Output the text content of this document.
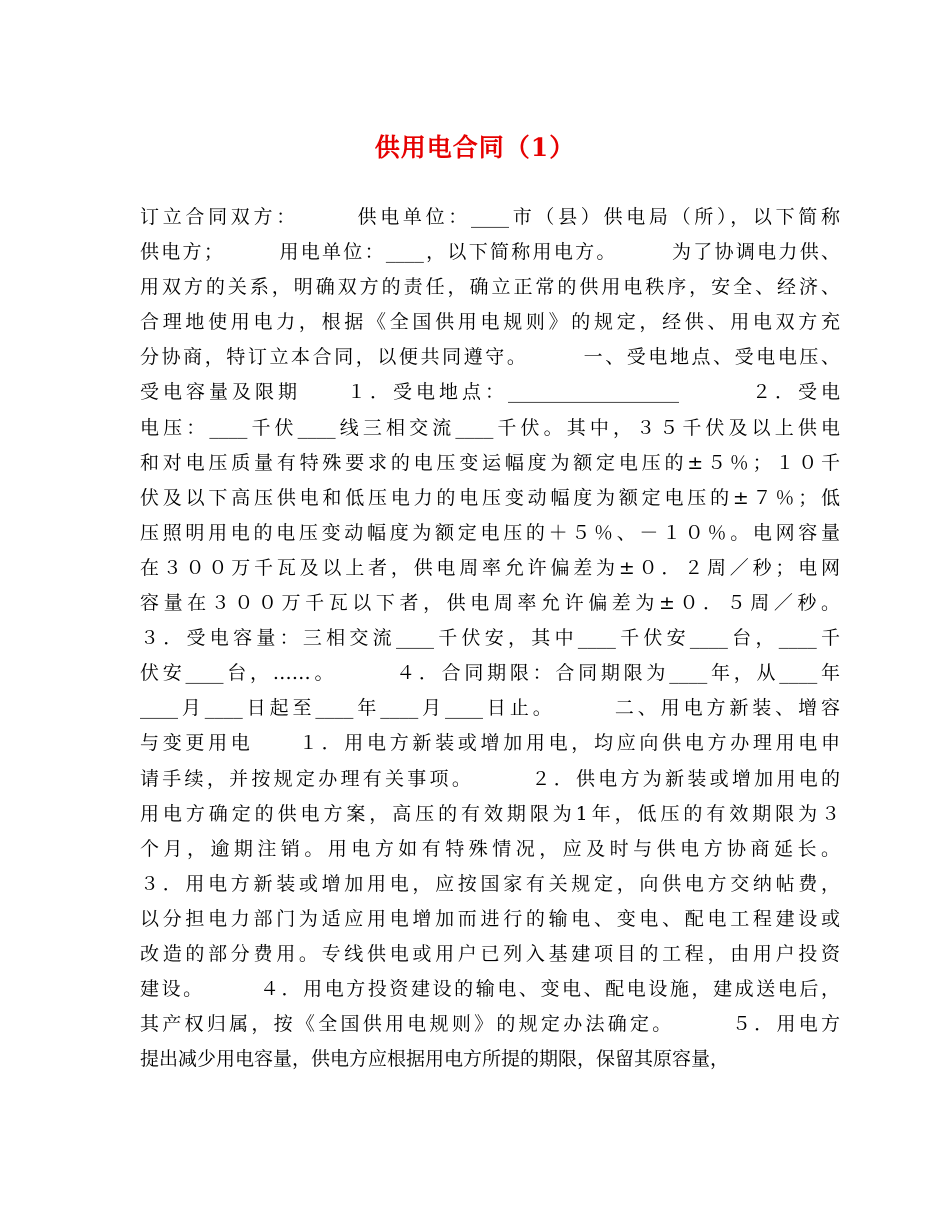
供用电合同（1）
订立合同双方：　　　供电单位：____市（县）供电局（所），以下简称
供电方；　　　用电单位：____，以下简称用电方。　　　为了协调电力供、
用双方的关系，明确双方的责任，确立正常的供用电秩序，安全、经济、
合理地使用电力，根据《全国供用电规则》的规定，经供、用电双方充
分协商，特订立本合同，以便共同遵守。　　　一、受电地点、受电电压、
受电容量及限期　　１．受电地点：__________________　　　２．受电
电压：____千伏____线三相交流____千伏。其中，３５千伏及以上供电
和对电压质量有特殊要求的电压变运幅度为额定电压的±５％；１０千
伏及以下高压供电和低压电力的电压变动幅度为额定电压的±７％；低
压照明用电的电压变动幅度为额定电压的＋５％、－１０％。电网容量
在３００万千瓦及以上者，供电周率允许偏差为±０．２周／秒；电网
容量在３００万千瓦以下者，供电周率允许偏差为±０．５周／秒。
３．受电容量：三相交流____千伏安，其中____千伏安____台，____千
伏安____台，……。　　　４．合同期限：合同期限为____年，从____年
____月____日起至____年____月____日止。　　　二、用电方新装、增容
与变更用电　　１．用电方新装或增加用电，均应向供电方办理用电申
请手续，并按规定办理有关事项。　　　２．供电方为新装或增加用电的
用电方确定的供电方案，高压的有效期限为1年，低压的有效期限为３
个月，逾期注销。用电方如有特殊情况，应及时与供电方协商延长。
３．用电方新装或增加用电，应按国家有关规定，向供电方交纳帖费，
以分担电力部门为适应用电增加而进行的输电、变电、配电工程建设或
改造的部分费用。专线供电或用户已列入基建项目的工程，由用户投资
建设。　　　４．用电方投资建设的输电、变电、配电设施，建成送电后，
其产权归属，按《全国供用电规则》的规定办法确定。　　　５．用电方
提出减少用电容量，供电方应根据用电方所提的期限，保留其原容量，
